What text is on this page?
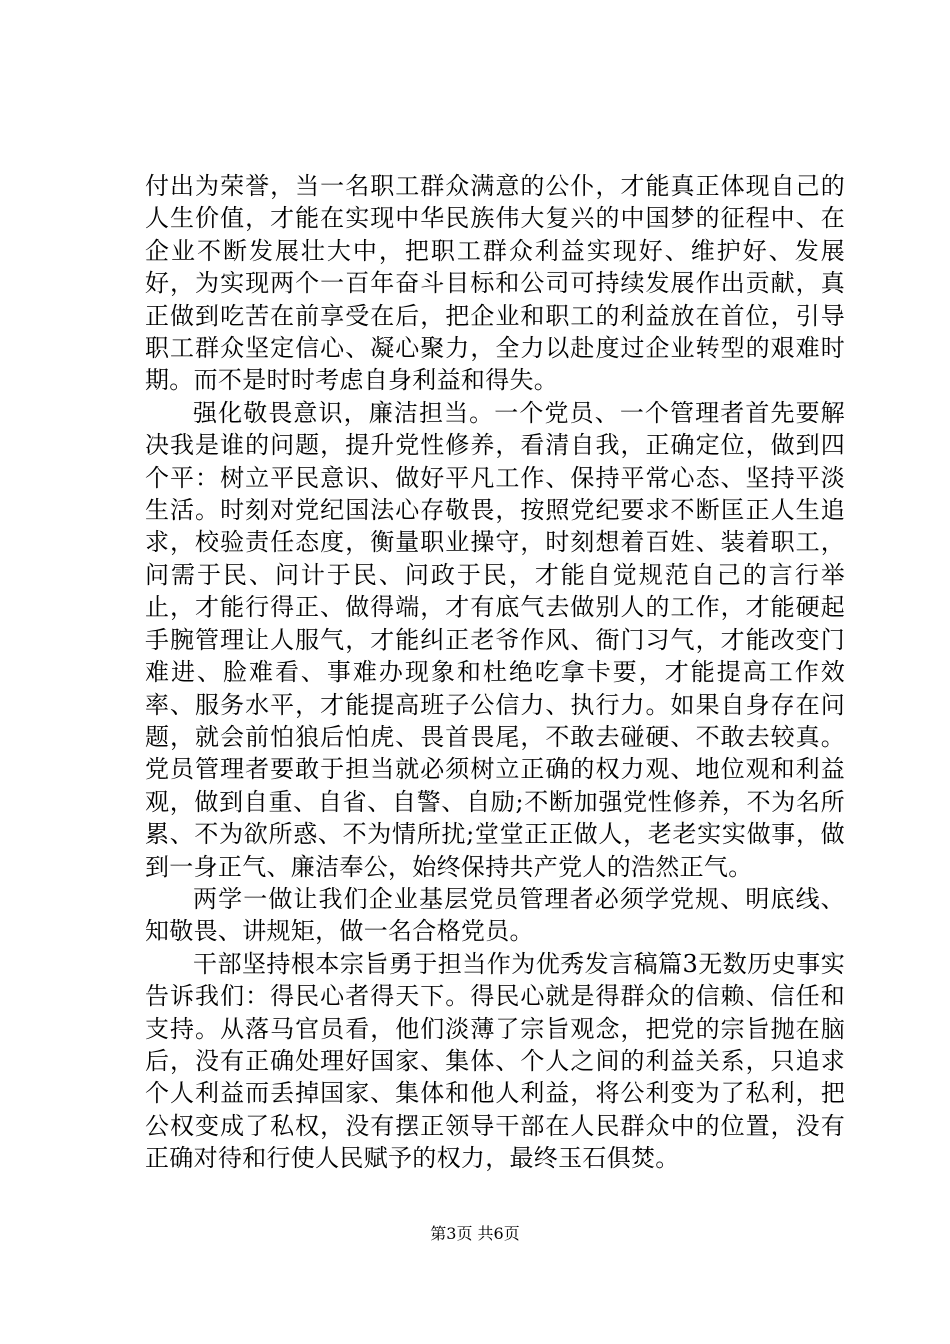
付出为荣誉，当一名职工群众满意的公仆，才能真正体现自己的人生价值，才能在实现中华民族伟大复兴的中国梦的征程中、在企业不断发展壮大中，把职工群众利益实现好、维护好、发展好，为实现两个一百年奋斗目标和公司可持续发展作出贡献，真正做到吃苦在前享受在后，把企业和职工的利益放在首位，引导职工群众坚定信心、凝心聚力，全力以赴度过企业转型的艰难时期。而不是时时考虑自身利益和得失。

强化敬畏意识，廉洁担当。一个党员、一个管理者首先要解决我是谁的问题，提升党性修养，看清自我，正确定位，做到四个平：树立平民意识、做好平凡工作、保持平常心态、坚持平淡生活。时刻对党纪国法心存敬畏，按照党纪要求不断匡正人生追求，校验责任态度，衡量职业操守，时刻想着百姓、装着职工，问需于民、问计于民、问政于民，才能自觉规范自己的言行举止，才能行得正、做得端，才有底气去做别人的工作，才能硬起手腕管理让人服气，才能纠正老爷作风、衙门习气，才能改变门难进、脸难看、事难办现象和杜绝吃拿卡要，才能提高工作效率、服务水平，才能提高班子公信力、执行力。如果自身存在问题，就会前怕狼后怕虎、畏首畏尾，不敢去碰硬、不敢去较真。党员管理者要敢于担当就必须树立正确的权力观、地位观和利益观，做到自重、自省、自警、自励;不断加强党性修养，不为名所累、不为欲所惑、不为情所扰;堂堂正正做人，老老实实做事，做到一身正气、廉洁奉公，始终保持共产党人的浩然正气。

两学一做让我们企业基层党员管理者必须学党规、明底线、知敬畏、讲规矩，做一名合格党员。

干部坚持根本宗旨勇于担当作为优秀发言稿篇3无数历史事实告诉我们：得民心者得天下。得民心就是得群众的信赖、信任和支持。从落马官员看，他们淡薄了宗旨观念，把党的宗旨抛在脑后，没有正确处理好国家、集体、个人之间的利益关系，只追求个人利益而丢掉国家、集体和他人利益，将公利变为了私利，把公权变成了私权，没有摆正领导干部在人民群众中的位置，没有正确对待和行使人民赋予的权力，最终玉石俱焚。

第3页 共6页
